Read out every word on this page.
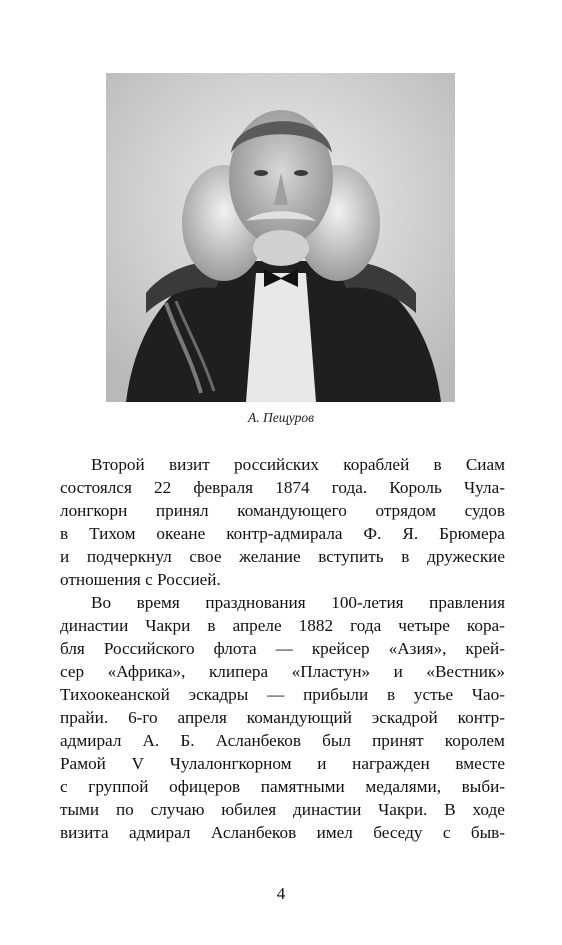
А. Пещуров
Второй визит российских кораблей в Сиам
состоялся 22 февраля 1874 года. Король Чула-
лонгкорн принял командующего отрядом судов
в Тихом океане контр-адмирала Ф. Я. Брюмера
и подчеркнул свое желание вступить в дружеские
отношения с Россией.
Во время празднования 100-летия правления
династии Чакри в апреле 1882 года четыре кора-
бля Российского флота — крейсер «Азия», крей-
сер «Африка», клипера «Пластун» и «Вестник»
Тихоокеанской эскадры — прибыли в устье Чао-
прайи. 6-го апреля командующий эскадрой контр-
адмирал А. Б. Асланбеков был принят королем
Рамой V Чулалонгкорном и награжден вместе
с группой офицеров памятными медалями, выби-
тыми по случаю юбилея династии Чакри. В ходе
визита адмирал Асланбеков имел беседу с быв-
4
